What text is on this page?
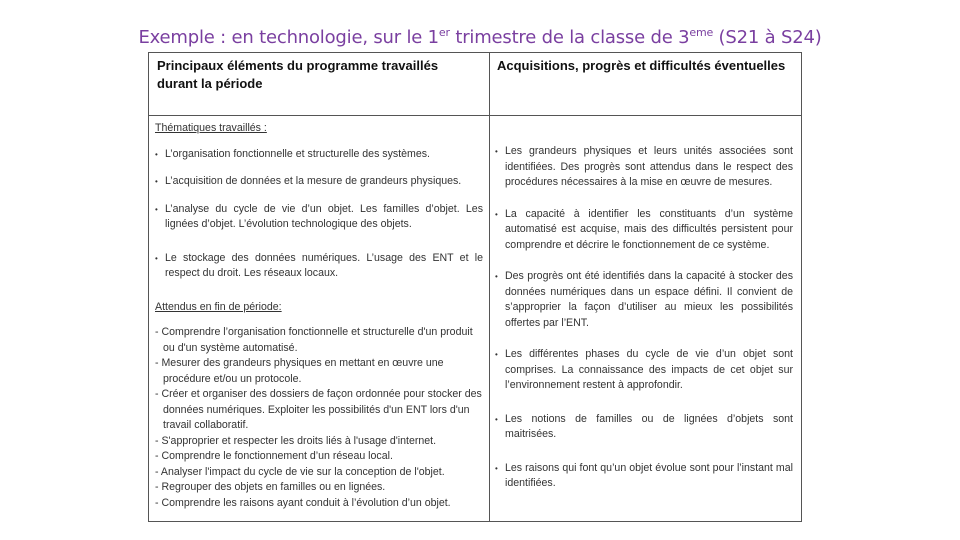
Exemple : en technologie, sur le 1er trimestre de la classe de 3eme (S21 à S24)
Principaux éléments du programme travaillés durant la période
Acquisitions, progrès et difficultés éventuelles
Thématiques travaillés :
• L’organisation fonctionnelle et structurelle des systèmes.
• L’acquisition de données et la mesure de grandeurs physiques.
• L’analyse du cycle de vie d’un objet. Les familles d’objet. Les lignées d’objet. L’évolution technologique des objets.
• Le stockage des données numériques. L’usage des ENT et le respect du droit. Les réseaux locaux.
Attendus en fin de période:
- Comprendre l’organisation fonctionnelle et structurelle d'un produit ou d'un système automatisé.
- Mesurer des grandeurs physiques en mettant en œuvre une procédure et/ou un protocole.
- Créer et organiser des dossiers de façon ordonnée pour stocker des données numériques. Exploiter les possibilités d'un ENT lors d'un travail collaboratif.
- S'approprier et respecter les droits liés à l'usage d'internet.
- Comprendre le fonctionnement d’un réseau local.
- Analyser l'impact du cycle de vie sur la conception de l'objet.
- Regrouper des objets en familles ou en lignées.
- Comprendre les raisons ayant conduit à l’évolution d’un objet.
• Les grandeurs physiques et leurs unités associées sont identifiées. Des progrès sont attendus dans le respect des procédures nécessaires à la mise en œuvre de mesures.
• La capacité à identifier les constituants d’un système automatisé est acquise, mais des difficultés persistent pour comprendre et décrire le fonctionnement de ce système.
• Des progrès ont été identifiés dans la capacité à stocker des données numériques dans un espace défini. Il convient de s’approprier la façon d’utiliser au mieux les possibilités offertes par l’ENT.
• Les différentes phases du cycle de vie d’un objet sont comprises. La connaissance des impacts de cet objet sur l’environnement restent à approfondir.
• Les notions de familles ou de lignées d’objets sont maitrisées.
• Les raisons qui font qu’un objet évolue sont pour l’instant mal identifiées.
